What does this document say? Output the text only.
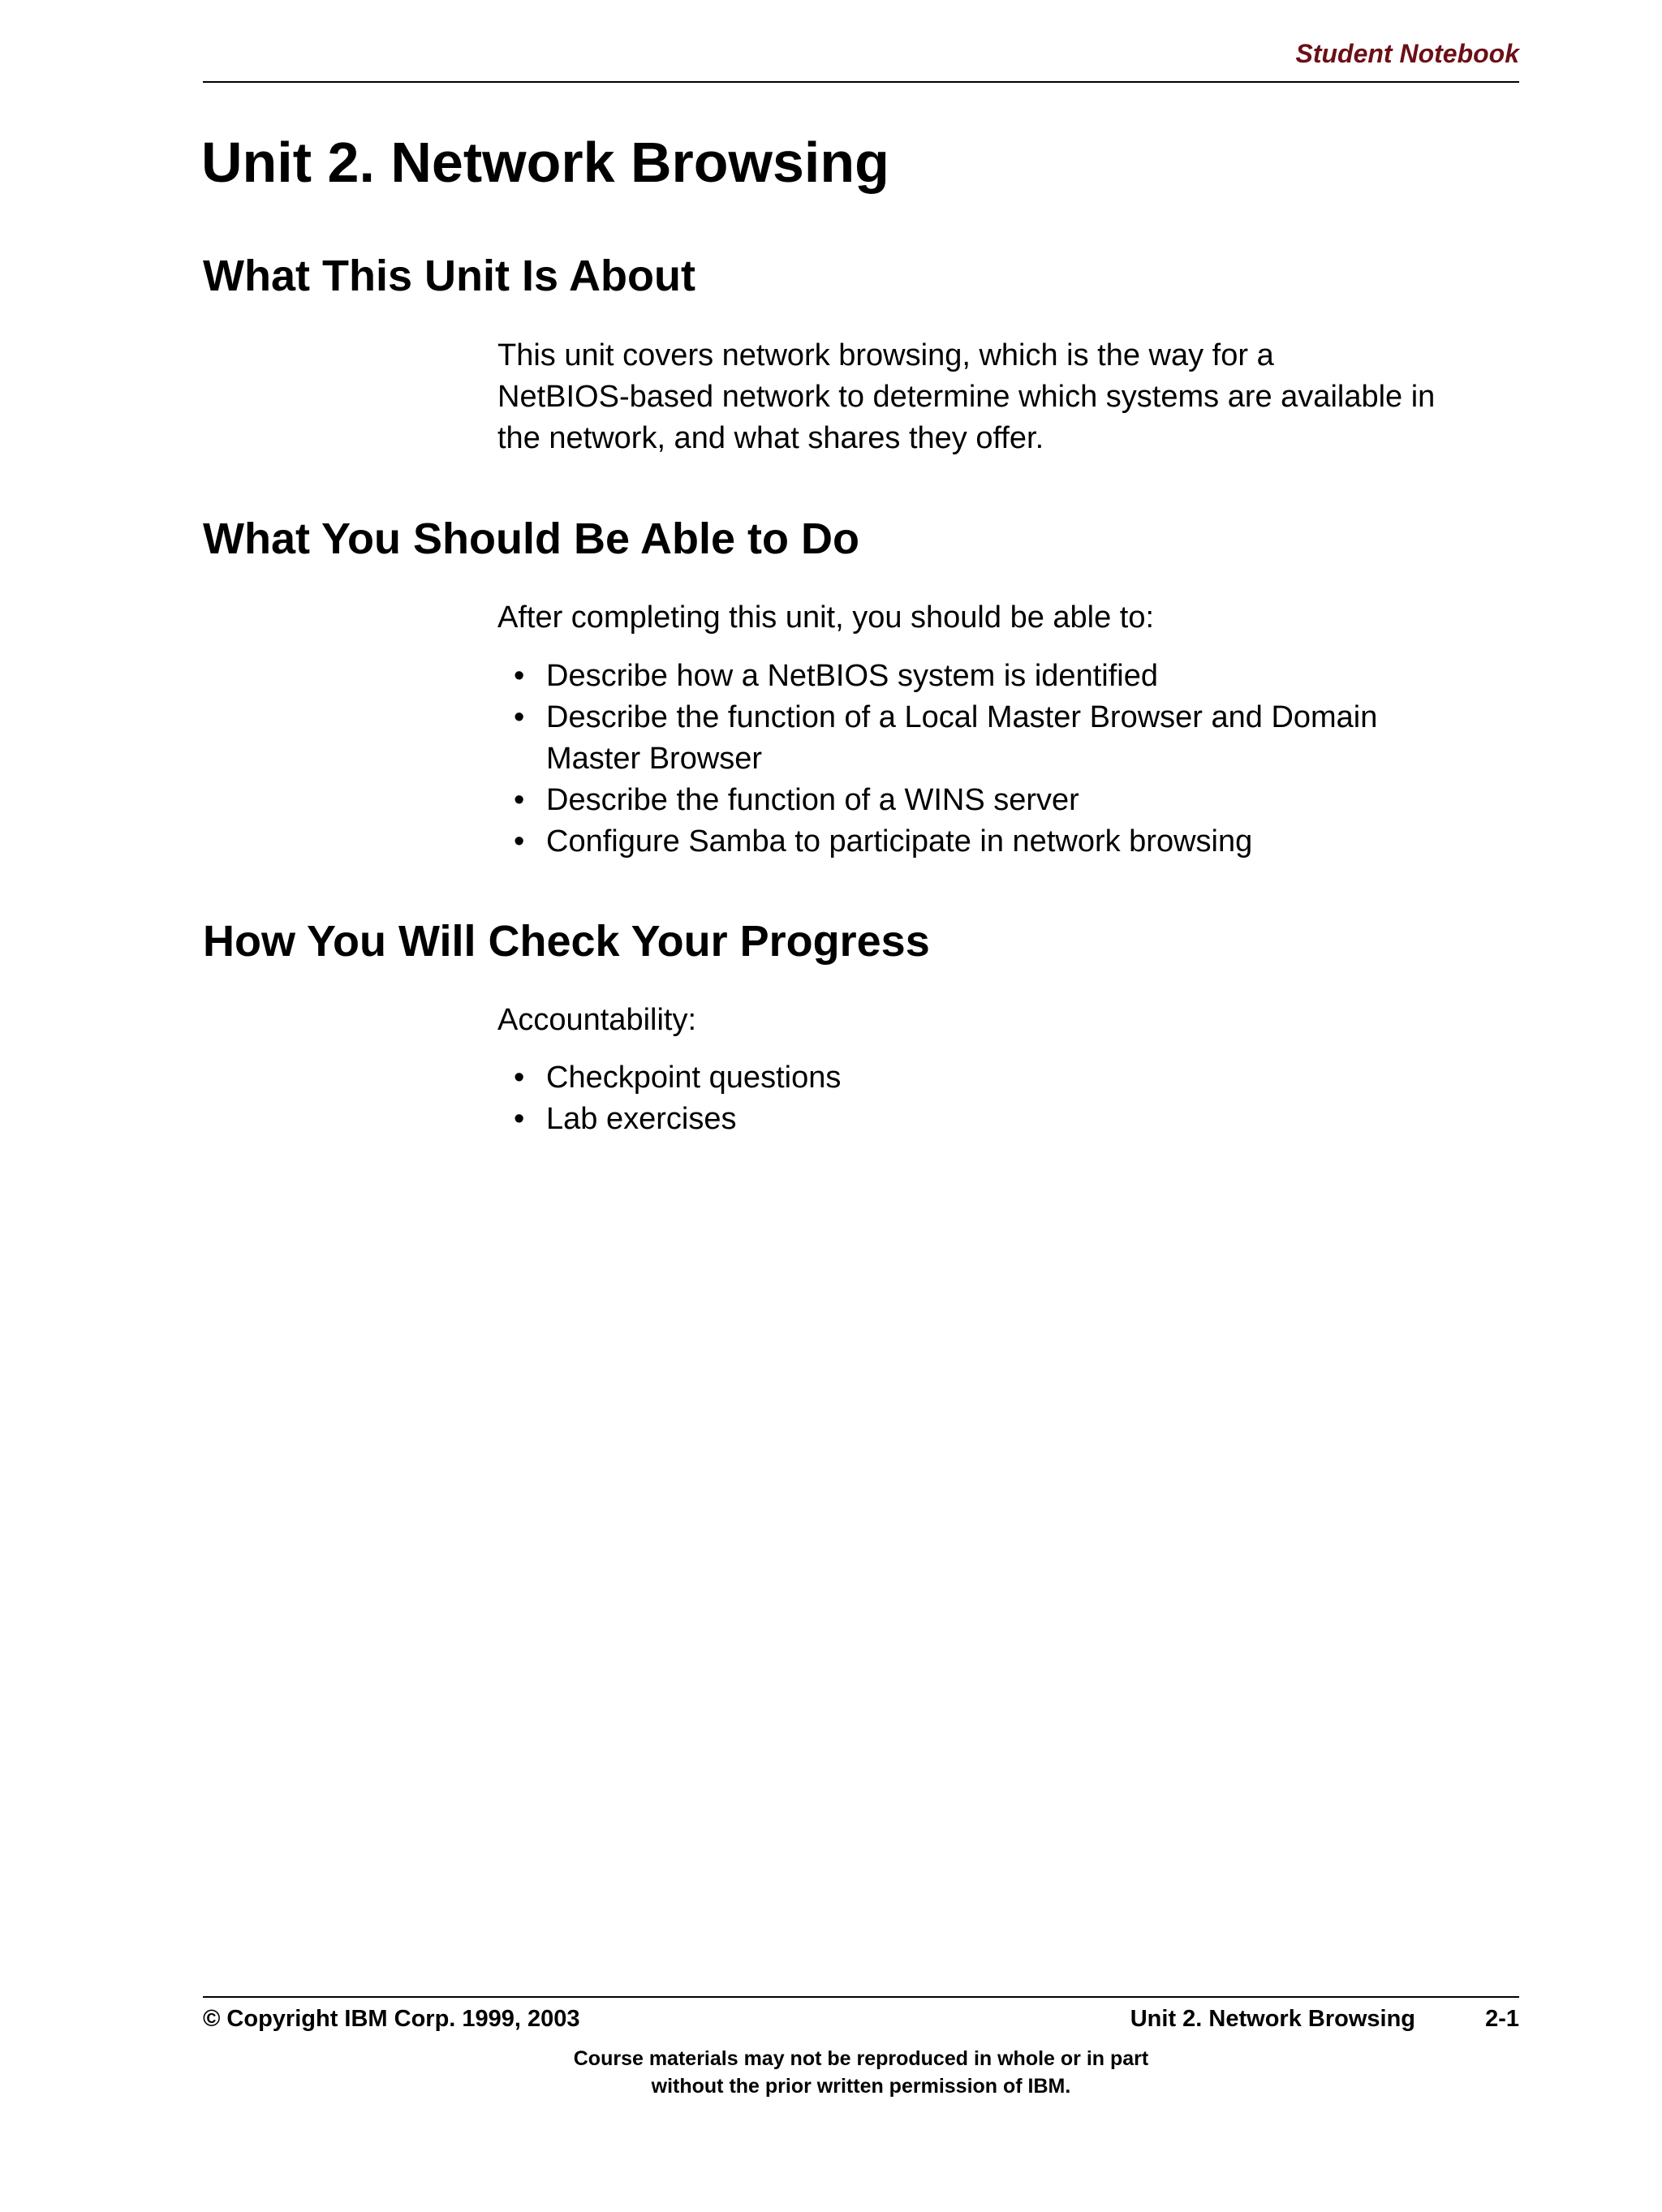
Student Notebook
Unit 2. Network Browsing
What This Unit Is About

This unit covers network browsing, which is the way for a
NetBIOS-based network to determine which systems are available in
the network, and what shares they offer.

What You Should Be Able to Do

After completing this unit, you should be able to:

• Describe how a NetBIOS system is identified
• Describe the function of a Local Master Browser and Domain
Master Browser
• Describe the function of a WINS server
• Configure Samba to participate in network browsing
How You Will Check Your Progress

Accountability:

• Checkpoint questions
• Lab exercises
© Copyright IBM Corp. 1999, 2003	Unit 2. Network Browsing	2-1
Course materials may not be reproduced in whole or in part
without the prior written permission of IBM.
